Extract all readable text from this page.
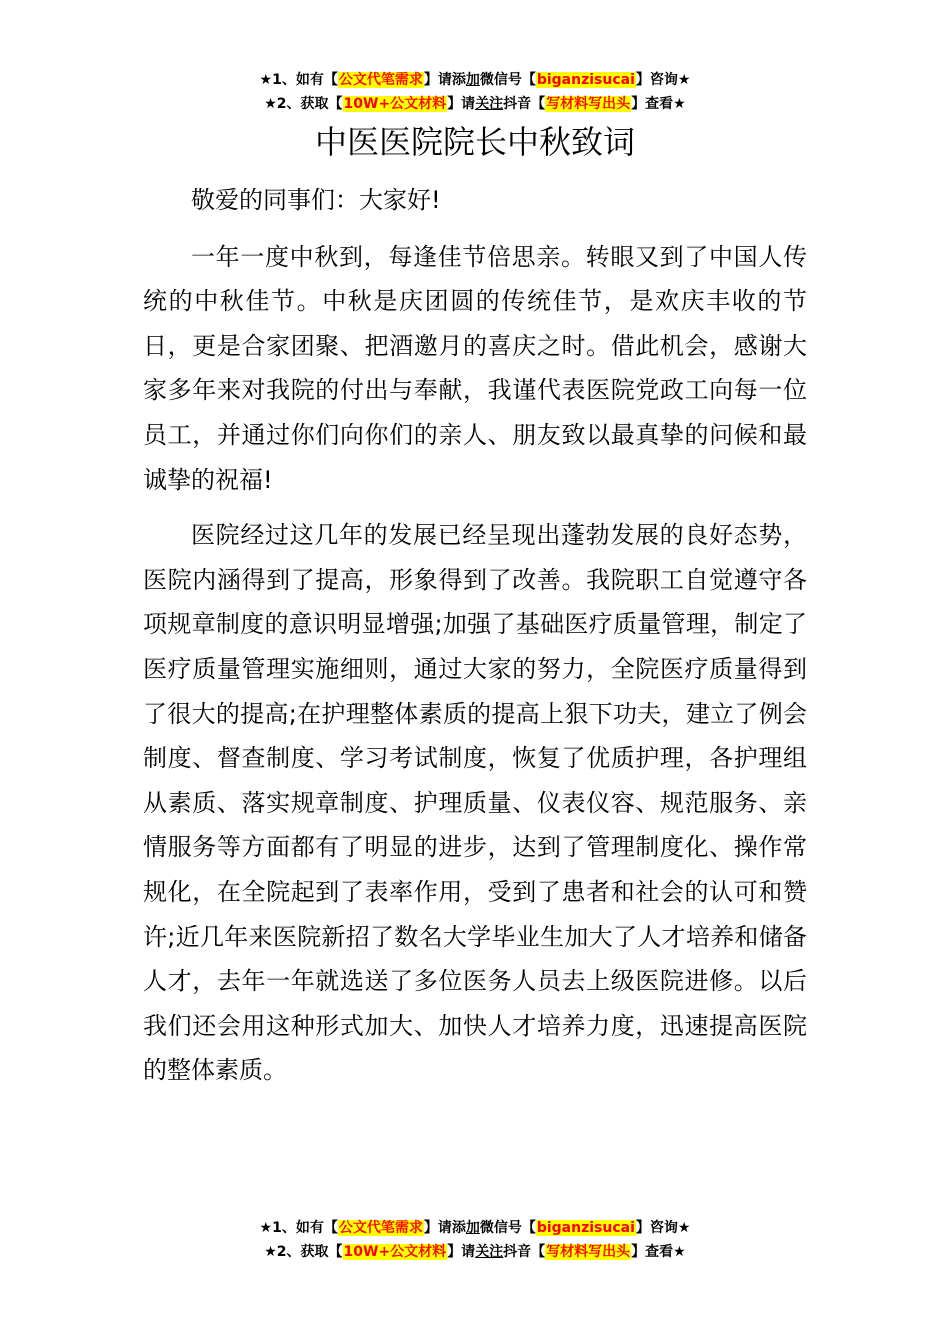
★1、如有【公文代笔需求】请添加微信号【biganzisucai】咨询★
★2、获取【10W+公文材料】请关注抖音【写材料写出头】查看★
中医医院院长中秋致词

敬爱的同事们：大家好!

一年一度中秋到，每逢佳节倍思亲。转眼又到了中国人传统的中秋佳节。中秋是庆团圆的传统佳节，是欢庆丰收的节日，更是合家团聚、把酒邀月的喜庆之时。借此机会，感谢大家多年来对我院的付出与奉献，我谨代表医院党政工向每一位员工，并通过你们向你们的亲人、朋友致以最真挚的问候和最诚挚的祝福!

医院经过这几年的发展已经呈现出蓬勃发展的良好态势，医院内涵得到了提高，形象得到了改善。我院职工自觉遵守各项规章制度的意识明显增强;加强了基础医疗质量管理，制定了医疗质量管理实施细则，通过大家的努力，全院医疗质量得到了很大的提高;在护理整体素质的提高上狠下功夫，建立了例会制度、督查制度、学习考试制度，恢复了优质护理，各护理组从素质、落实规章制度、护理质量、仪表仪容、规范服务、亲情服务等方面都有了明显的进步，达到了管理制度化、操作常规化，在全院起到了表率作用，受到了患者和社会的认可和赞许;近几年来医院新招了数名大学毕业生加大了人才培养和储备人才，去年一年就选送了多位医务人员去上级医院进修。以后我们还会用这种形式加大、加快人才培养力度，迅速提高医院的整体素质。

★1、如有【公文代笔需求】请添加微信号【biganzisucai】咨询★
★2、获取【10W+公文材料】请关注抖音【写材料写出头】查看★
